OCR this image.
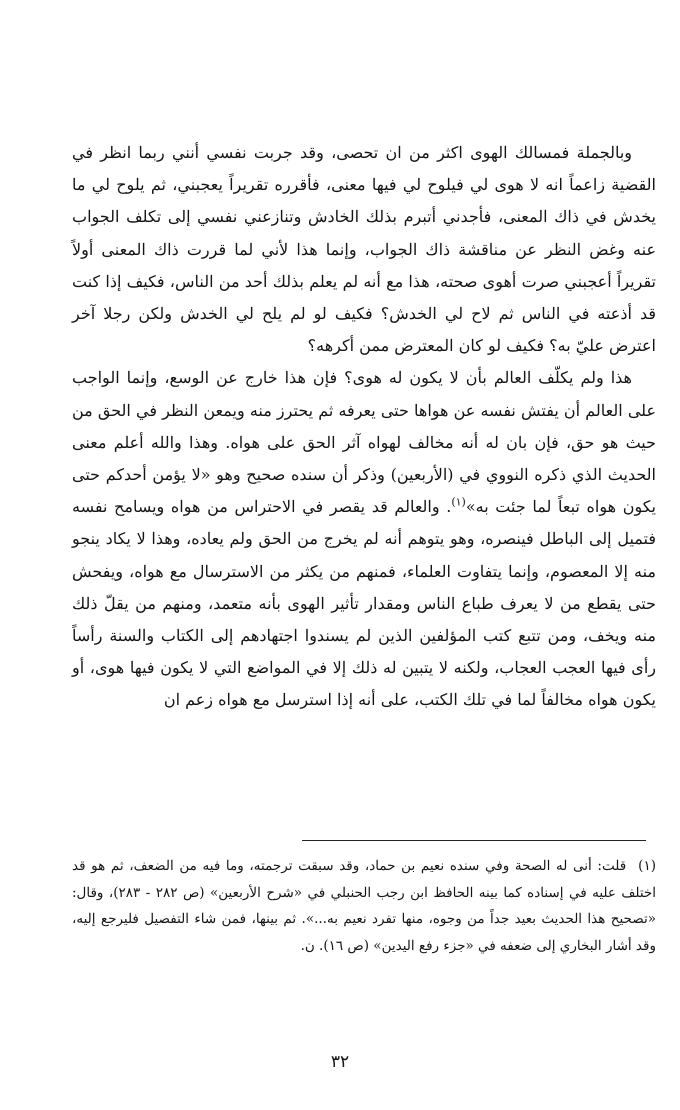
وبالجملة فمسالك الهوى اكثر من ان تحصى، وقد جربت نفسي أنني ربما انظر في القضية زاعماً انه لا هوى لي فيلوح لي فيها معنى، فأقرره تقريراً يعجبني، ثم يلوح لي ما يخدش في ذاك المعنى، فأجدني أتبرم بذلك الخادش وتنازعني نفسي إلى تكلف الجواب عنه وغض النظر عن مناقشة ذاك الجواب، وإنما هذا لأني لما قررت ذاك المعنى أولاً تقريراً أعجبني صرت أهوى صحته، هذا مع أنه لم يعلم بذلك أحد من الناس، فكيف إذا كنت قد أذعته في الناس ثم لاح لي الخدش؟ فكيف لو لم يلح لي الخدش ولكن رجلا آخر اعترض عليّ به؟ فكيف لو كان المعترض ممن أكرهه؟

هذا ولم يكلّف العالم بأن لا يكون له هوى؟ فإن هذا خارج عن الوسع، وإنما الواجب على العالم أن يفتش نفسه عن هواها حتى يعرفه ثم يحترز منه ويمعن النظر في الحق من حيث هو حق، فإن بان له أنه مخالف لهواه آثر الحق على هواه. وهذا والله أعلم معنى الحديث الذي ذكره النووي في (الأربعين) وذكر أن سنده صحيح وهو «لا يؤمن أحدكم حتى يكون هواه تبعاً لما جئت به»$^{(١)}$. والعالم قد يقصر في الاحتراس من هواه ويسامح نفسه فتميل إلى الباطل فينصره، وهو يتوهم أنه لم يخرج من الحق ولم يعاده، وهذا لا يكاد ينجو منه إلا المعصوم، وإنما يتفاوت العلماء، فمنهم من يكثر من الاسترسال مع هواه، ويفحش حتى يقطع من لا يعرف طباع الناس ومقدار تأثير الهوى بأنه متعمد، ومنهم من يقلّ ذلك منه ويخف، ومن تتبع كتب المؤلفين الذين لم يسندوا اجتهادهم إلى الكتاب والسنة رأساً رأى فيها العجب العجاب، ولكنه لا يتبين له ذلك إلا في المواضع التي لا يكون فيها هوى، أو يكون هواه مخالفاً لما في تلك الكتب، على أنه إذا استرسل مع هواه زعم ان

(١)قلت: أنى له الصحة وفي سنده نعيم بن حماد، وقد سبقت ترجمته، وما فيه من الضعف، ثم هو قد اختلف عليه في إسناده كما بينه الحافظ ابن رجب الحنبلي في «شرح الأربعين» (ص ٢٨٢ - ٢٨٣)، وقال: «تصحيح هذا الحديث بعيد جداً من وجوه، منها تفرد نعيم به...». ثم بينها، فمن شاء التفصيل فليرجع إليه، وقد أشار البخاري إلى ضعفه في «جزء رفع اليدين» (ص ١٦). ن.
٣٢
